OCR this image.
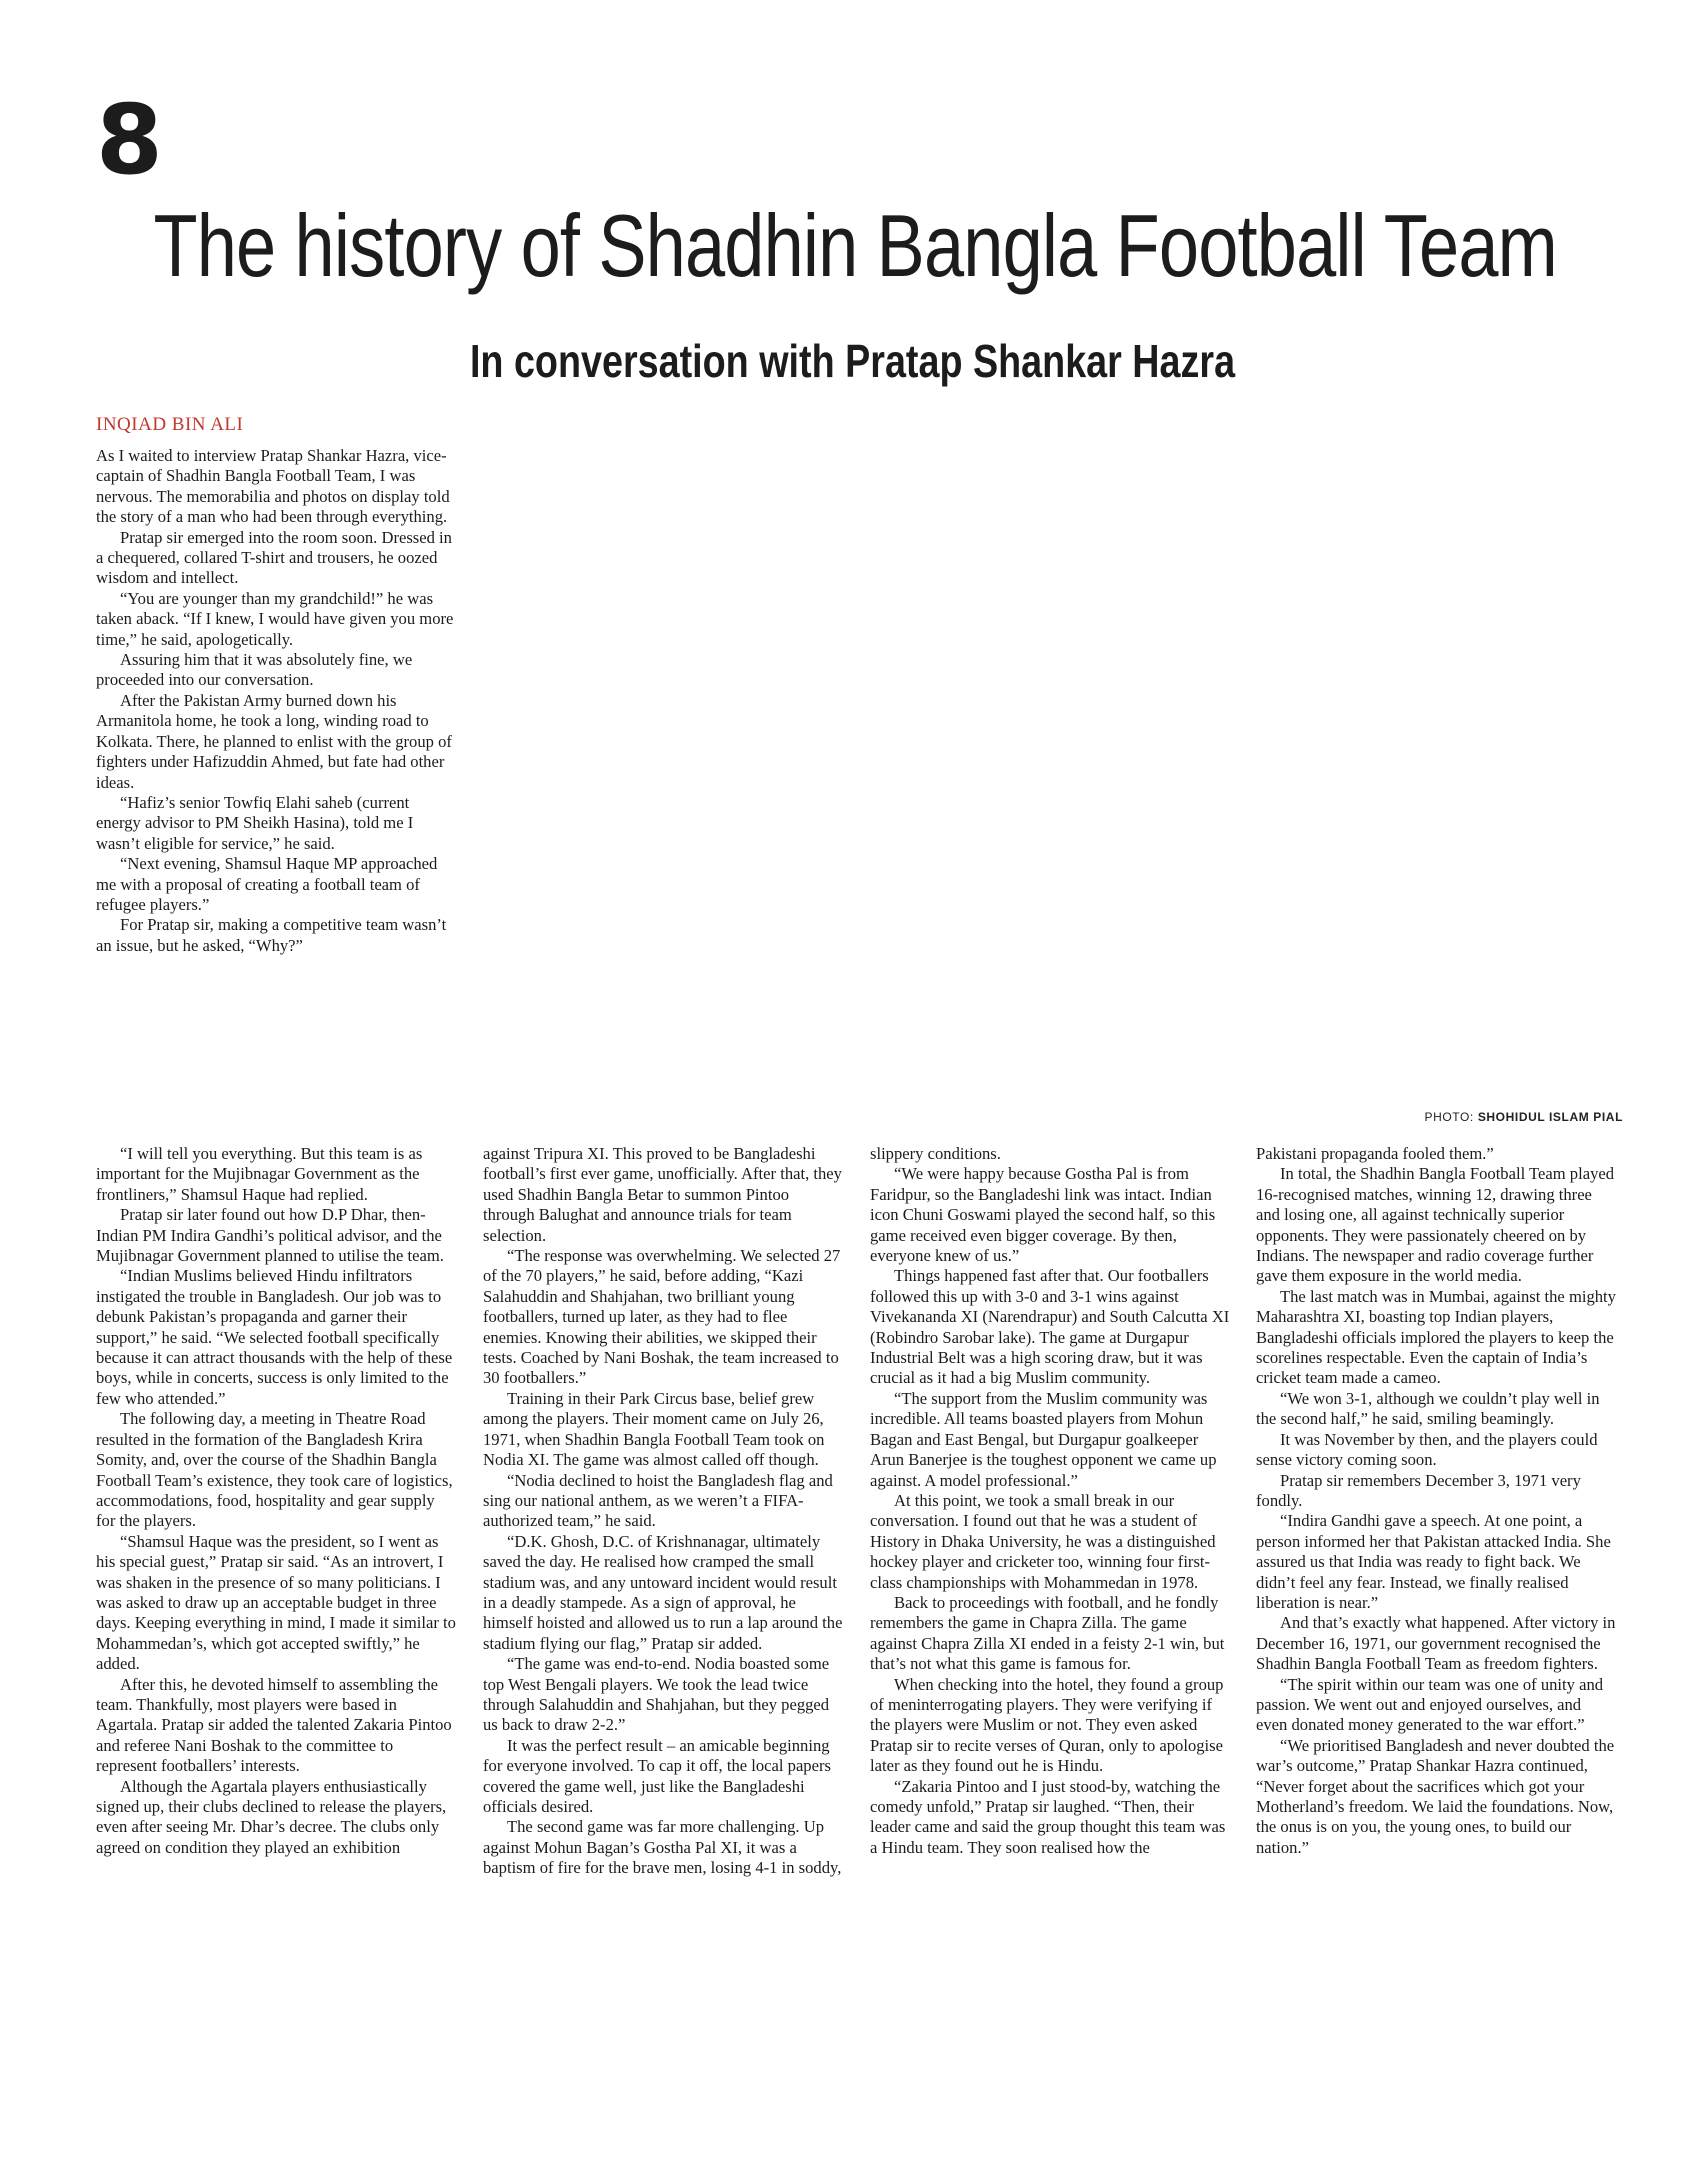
8
The history of Shadhin Bangla Football Team
In conversation with Pratap Shankar Hazra
INQIAD BIN ALI
PHOTO: SHOHIDUL ISLAM PIAL

As I waited to interview Pratap Shankar Hazra, vice-captain of Shadhin Bangla Football Team, I was nervous. The memorabilia and photos on display told the story of a man who had been through everything.

Pratap sir emerged into the room soon. Dressed in a chequered, collared T-shirt and trousers, he oozed wisdom and intellect.

“You are younger than my grandchild!” he was taken aback. “If I knew, I would have given you more time,” he said, apologetically.

Assuring him that it was absolutely fine, we proceeded into our conversation.

After the Pakistan Army burned down his Armanitola home, he took a long, winding road to Kolkata. There, he planned to enlist with the group of fighters under Hafizuddin Ahmed, but fate had other ideas.

“Hafiz’s senior Towfiq Elahi saheb (current energy advisor to PM Sheikh Hasina), told me I wasn’t eligible for service,” he said.

“Next evening, Shamsul Haque MP approached me with a proposal of creating a football team of refugee players.”

For Pratap sir, making a competitive team wasn’t an issue, but he asked, “Why?”

“I will tell you everything. But this team is as important for the Mujibnagar Government as the frontliners,” Shamsul Haque had replied.

Pratap sir later found out how D.P Dhar, then-Indian PM Indira Gandhi’s political advisor, and the Mujibnagar Government planned to utilise the team.

“Indian Muslims believed Hindu infiltrators instigated the trouble in Bangladesh. Our job was to debunk Pakistan’s propaganda and garner their support,” he said. “We selected football specifically because it can attract thousands with the help of these boys, while in concerts, success is only limited to the few who attended.”

The following day, a meeting in Theatre Road resulted in the formation of the Bangladesh Krira Somity, and, over the course of the Shadhin Bangla Football Team’s existence, they took care of logistics, accommodations, food, hospitality and gear supply for the players.

“Shamsul Haque was the president, so I went as his special guest,” Pratap sir said. “As an introvert, I was shaken in the presence of so many politicians. I was asked to draw up an acceptable budget in three days. Keeping everything in mind, I made it similar to Mohammedan’s, which got accepted swiftly,” he added.

After this, he devoted himself to assembling the team. Thankfully, most players were based in Agartala. Pratap sir added the talented Zakaria Pintoo and referee Nani Boshak to the committee to represent footballers’ interests.

Although the Agartala players enthusiastically signed up, their clubs declined to release the players, even after seeing Mr. Dhar’s decree. The clubs only agreed on condition they played an exhibition

against Tripura XI. This proved to be Bangladeshi football’s first ever game, unofficially. After that, they used Shadhin Bangla Betar to summon Pintoo through Balughat and announce trials for team selection.

“The response was overwhelming. We selected 27 of the 70 players,” he said, before adding, “Kazi Salahuddin and Shahjahan, two brilliant young footballers, turned up later, as they had to flee enemies. Knowing their abilities, we skipped their tests. Coached by Nani Boshak, the team increased to 30 footballers.”

Training in their Park Circus base, belief grew among the players. Their moment came on July 26, 1971, when Shadhin Bangla Football Team took on Nodia XI. The game was almost called off though.

“Nodia declined to hoist the Bangladesh flag and sing our national anthem, as we weren’t a FIFA-authorized team,” he said.

“D.K. Ghosh, D.C. of Krishnanagar, ultimately saved the day. He realised how cramped the small stadium was, and any untoward incident would result in a deadly stampede. As a sign of approval, he himself hoisted and allowed us to run a lap around the stadium flying our flag,” Pratap sir added.

“The game was end-to-end. Nodia boasted some top West Bengali players. We took the lead twice through Salahuddin and Shahjahan, but they pegged us back to draw 2-2.”

It was the perfect result – an amicable beginning for everyone involved. To cap it off, the local papers covered the game well, just like the Bangladeshi officials desired.

The second game was far more challenging. Up against Mohun Bagan’s Gostha Pal XI, it was a baptism of fire for the brave men, losing 4-1 in soddy,

slippery conditions.

“We were happy because Gostha Pal is from Faridpur, so the Bangladeshi link was intact. Indian icon Chuni Goswami played the second half, so this game received even bigger coverage. By then, everyone knew of us.”

Things happened fast after that. Our footballers followed this up with 3-0 and 3-1 wins against Vivekananda XI (Narendrapur) and South Calcutta XI (Robindro Sarobar lake). The game at Durgapur Industrial Belt was a high scoring draw, but it was crucial as it had a big Muslim community.

“The support from the Muslim community was incredible. All teams boasted players from Mohun Bagan and East Bengal, but Durgapur goalkeeper Arun Banerjee is the toughest opponent we came up against. A model professional.”

At this point, we took a small break in our conversation. I found out that he was a student of History in Dhaka University, he was a distinguished hockey player and cricketer too, winning four first-class championships with Mohammedan in 1978.

Back to proceedings with football, and he fondly remembers the game in Chapra Zilla. The game against Chapra Zilla XI ended in a feisty 2-1 win, but that’s not what this game is famous for.

When checking into the hotel, they found a group of meninterrogating players. They were verifying if the players were Muslim or not. They even asked Pratap sir to recite verses of Quran, only to apologise later as they found out he is Hindu.

“Zakaria Pintoo and I just stood-by, watching the comedy unfold,” Pratap sir laughed. “Then, their leader came and said the group thought this team was a Hindu team. They soon realised how the

Pakistani propaganda fooled them.”

In total, the Shadhin Bangla Football Team played 16-recognised matches, winning 12, drawing three and losing one, all against technically superior opponents. They were passionately cheered on by Indians. The newspaper and radio coverage further gave them exposure in the world media.

The last match was in Mumbai, against the mighty Maharashtra XI, boasting top Indian players, Bangladeshi officials implored the players to keep the scorelines respectable. Even the captain of India’s cricket team made a cameo.

“We won 3-1, although we couldn’t play well in the second half,” he said, smiling beamingly.

It was November by then, and the players could sense victory coming soon.

Pratap sir remembers December 3, 1971 very fondly.

“Indira Gandhi gave a speech. At one point, a person informed her that Pakistan attacked India. She assured us that India was ready to fight back. We didn’t feel any fear. Instead, we finally realised liberation is near.”

And that’s exactly what happened. After victory in December 16, 1971, our government recognised the Shadhin Bangla Football Team as freedom fighters.

“The spirit within our team was one of unity and passion. We went out and enjoyed ourselves, and even donated money generated to the war effort.”

“We prioritised Bangladesh and never doubted the war’s outcome,” Pratap Shankar Hazra continued, “Never forget about the sacrifices which got your Motherland’s freedom. We laid the foundations. Now, the onus is on you, the young ones, to build our nation.”
